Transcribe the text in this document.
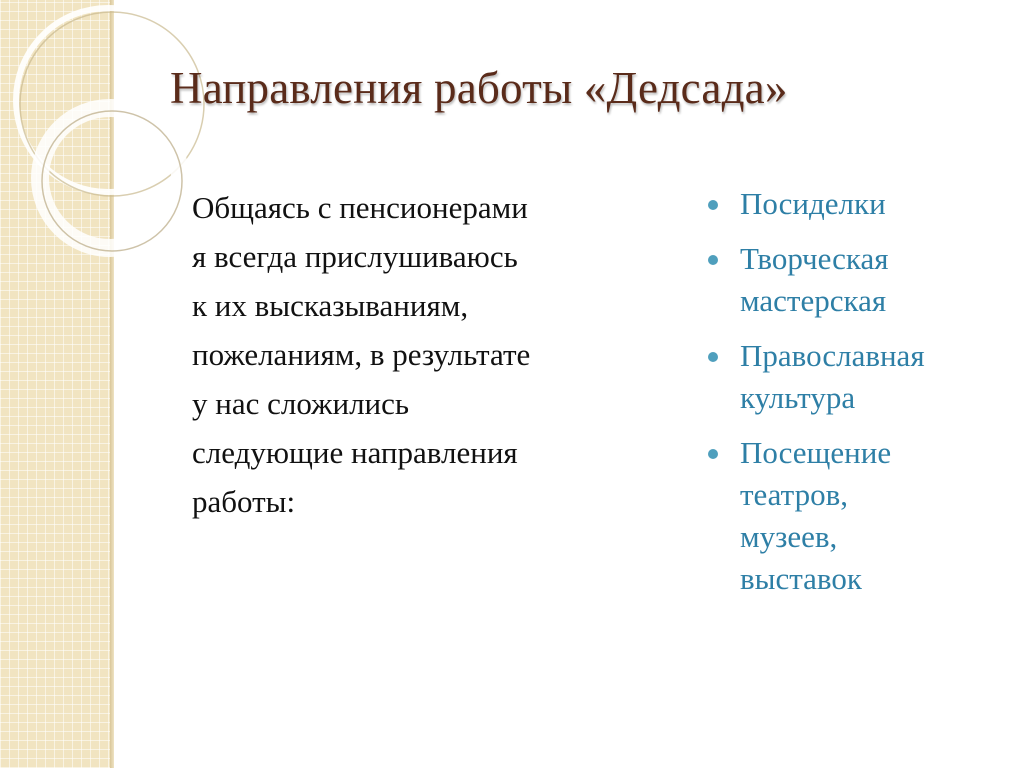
Направления работы «Дедсада»
Общаясь с пенсионерами
я всегда прислушиваюсь
к их высказываниям,
пожеланиям, в результате
у нас сложились
следующие направления
работы:
Посиделки
Творческая
мастерская
Православная
культура
Посещение
театров,
музеев,
выставок
